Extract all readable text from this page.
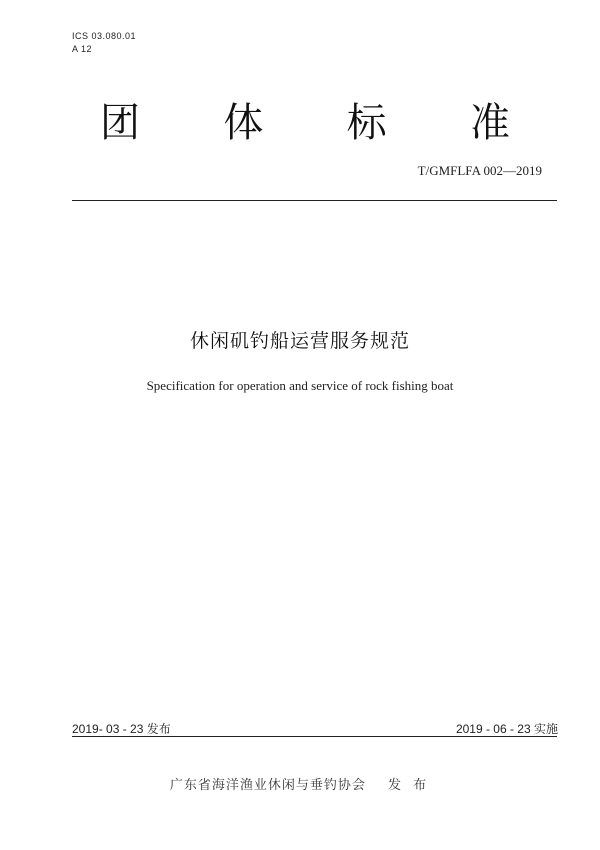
ICS 03.080.01
A 12
团 体 标 准
T/GMFLFA 002—2019
休闲矶钓船运营服务规范
Specification for operation and service of rock fishing boat
2019- 03 - 23 发布	2019 - 06 - 23 实施
广东省海洋渔业休闲与垂钓协会 发 布
